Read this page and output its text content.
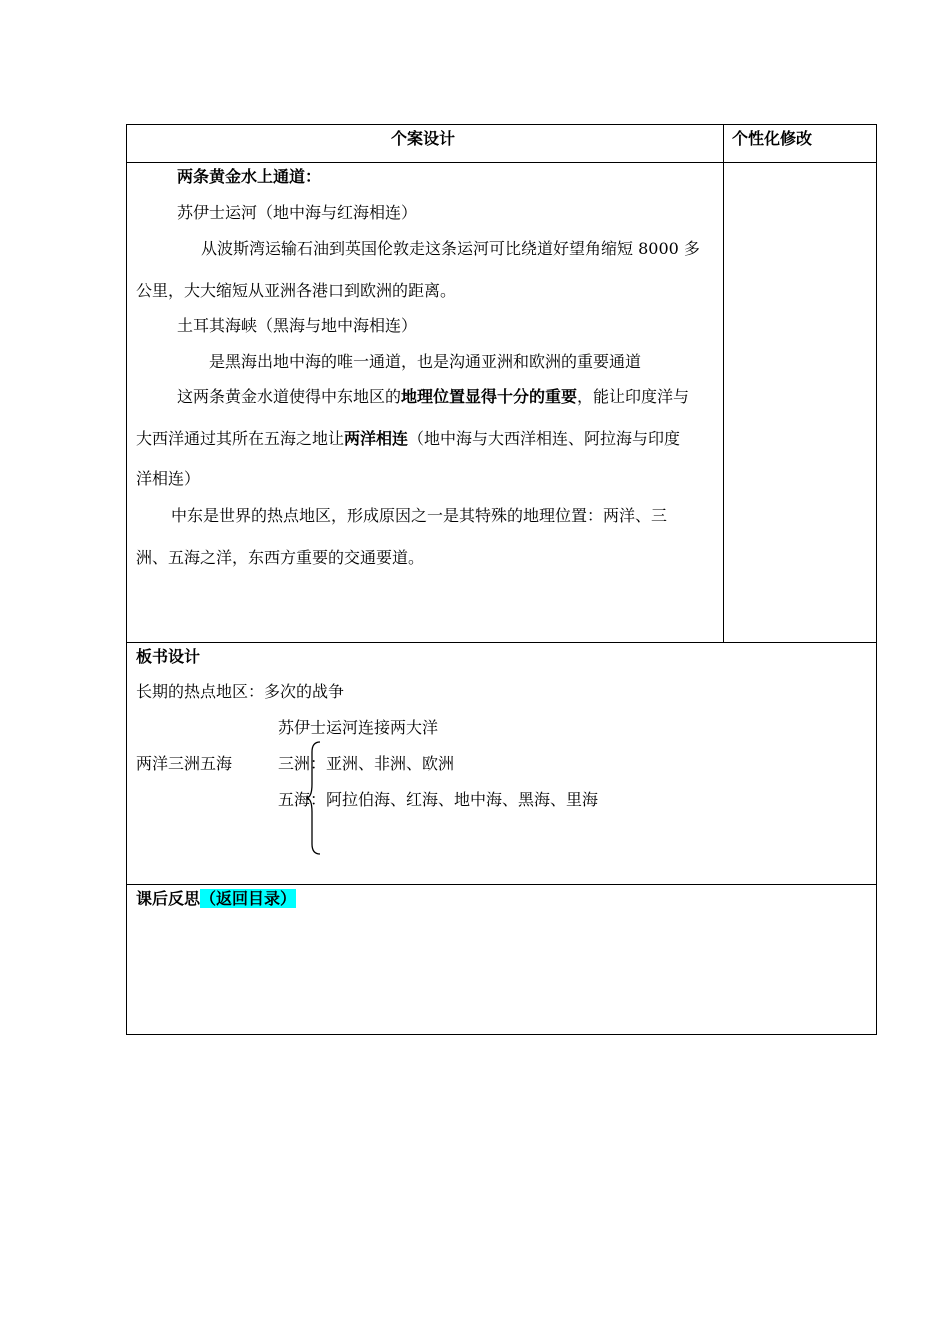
个案设计	个性化修改
两条黄金水上通道：
苏伊士运河（地中海与红海相连）
从波斯湾运输石油到英国伦敦走这条运河可比绕道好望角缩短 8000 多
公里，大大缩短从亚洲各港口到欧洲的距离。
土耳其海峡（黑海与地中海相连）
是黑海出地中海的唯一通道，也是沟通亚洲和欧洲的重要通道
这两条黄金水道使得中东地区的地理位置显得十分的重要，能让印度洋与
大西洋通过其所在五海之地让两洋相连（地中海与大西洋相连、阿拉海与印度
洋相连）
中东是世界的热点地区，形成原因之一是其特殊的地理位置：两洋、三
洲、五海之洋，东西方重要的交通要道。
板书设计
长期的热点地区：多次的战争
苏伊士运河连接两大洋
两洋三洲五海	三洲：亚洲、非洲、欧洲
五海：阿拉伯海、红海、地中海、黑海、里海
课后反思（返回目录）
